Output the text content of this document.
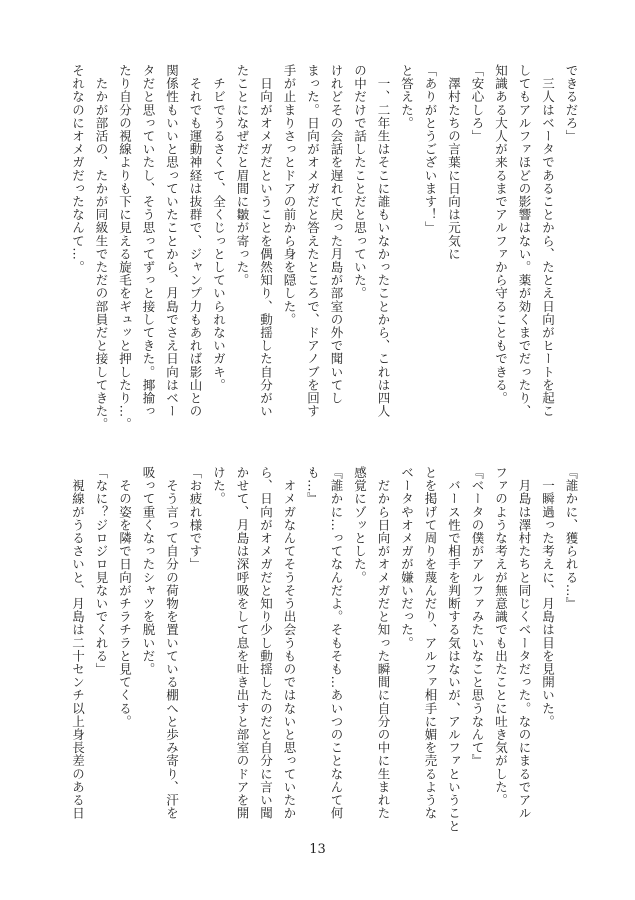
できるだろ」

　三人はベータであることから、たとえ日向がヒートを起こ

してもアルファほどの影響はない。薬が効くまでだったり、

知識ある大人が来るまでアルファから守ることもできる。

「安心しろ」

　澤村たちの言葉に日向は元気に

「ありがとうございます！」

と答えた。

　一、二年生はそこに誰もいなかったことから、これは四人

の中だけで話したことだと思っていた。

けれどその会話を遅れて戻った月島が部室の外で聞いてし

まった。日向がオメガだと答えたところで、ドアノブを回す

手が止まりさっとドアの前から身を隠した。

　日向がオメガだということを偶然知り、動揺した自分がい

たことになぜだと眉間に皺が寄った。

　チビでうるさくて、全くじっとしていられないガキ。

　それでも運動神経は抜群で、ジャンプ力もあれば影山との

関係性もいいと思っていたことから、月島でさえ日向はベー

タだと思っていたし、そう思ってずっと接してきた。揶揄っ

たり自分の視線よりも下に見える旋毛をギュッと押したり…。

　たかが部活の、たかが同級生でただの部員だと接してきた。

それなのにオメガだったなんて…。

『誰かに、獲られる…』

　一瞬過った考えに、月島は目を見開いた。

　月島は澤村たちと同じくベータだった。なのにまるでアル

ファのような考えが無意識でも出たことに吐き気がした。

『ベータの僕がアルファみたいなこと思うなんて』

　バース性で相手を判断する気はないが、アルファということ

とを掲げて周りを蔑んだり、アルファ相手に媚を売るような

ベータやオメガが嫌いだった。

　だから日向がオメガだと知った瞬間に自分の中に生まれた

感覚にゾッとした。

『誰かに…ってなんだよ。そもそも…あいつのことなんて何

も…』

　オメガなんてそうそう出会うものではないと思っていたか

ら、日向がオメガだと知り少し動揺したのだと自分に言い聞

かせて、月島は深呼吸をして息を吐き出すと部室のドアを開

けた。

「お疲れ様です」

　そう言って自分の荷物を置いている棚へと歩み寄り、汗を

吸って重くなったシャツを脱いだ。

　その姿を隣で日向がチラチラと見てくる。

「なに？ジロジロ見ないでくれる」

　視線がうるさいと、月島は二十センチ以上身長差のある日

13
